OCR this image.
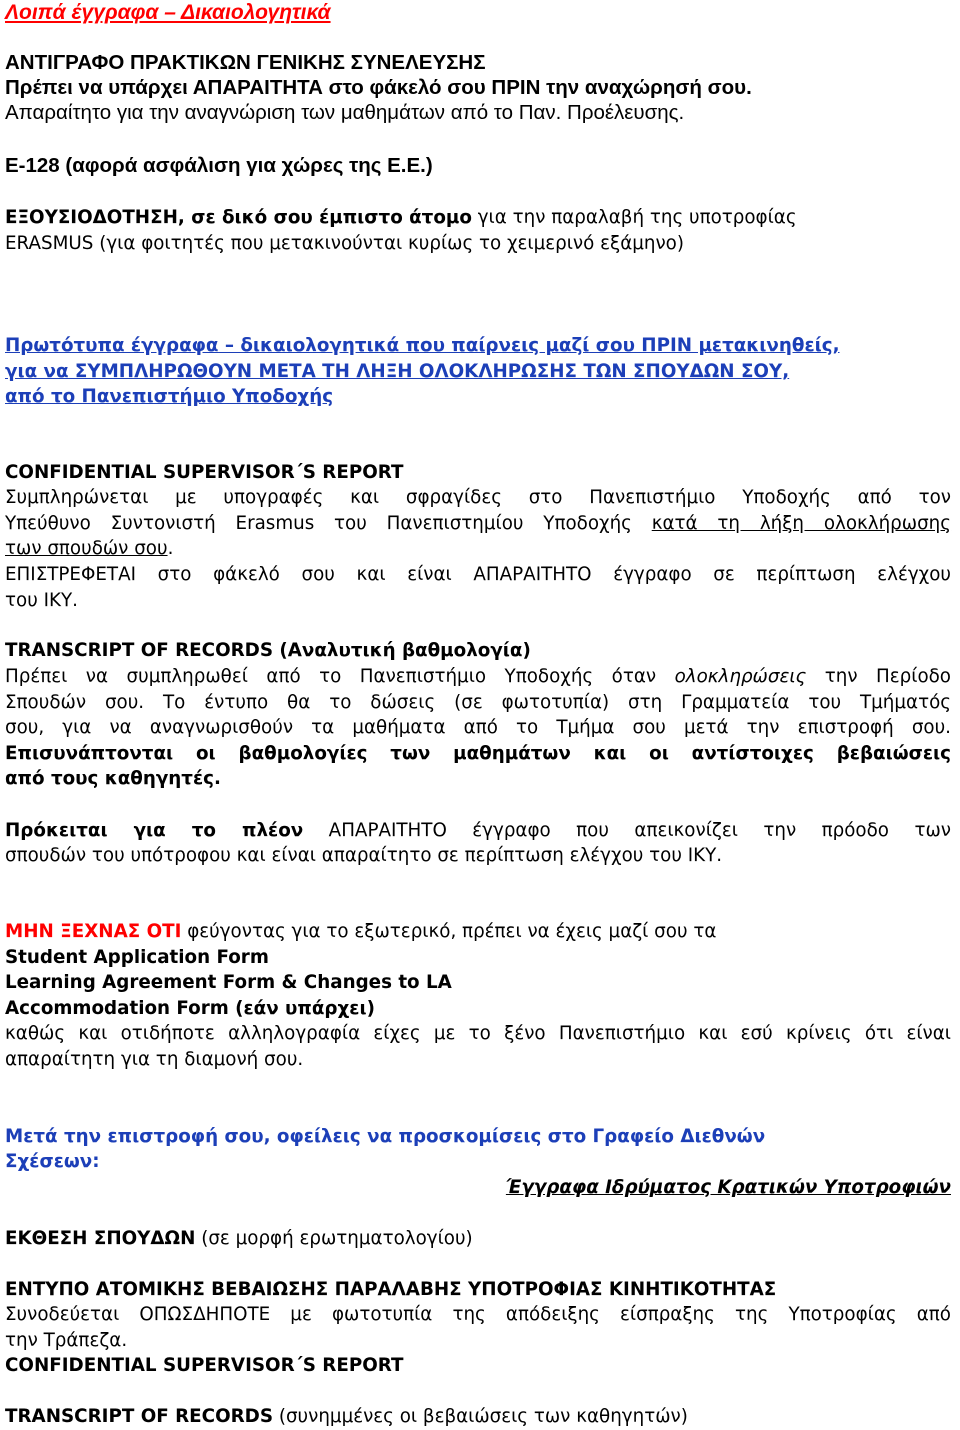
Λοιπά έγγραφα – Δικαιολογητικά
ΑΝΤΙΓΡΑΦΟ ΠΡΑΚΤΙΚΩΝ ΓΕΝΙΚΗΣ ΣΥΝΕΛΕΥΣΗΣ
Πρέπει να υπάρχει ΑΠΑΡΑΙΤΗΤΑ στο φάκελό σου ΠΡΙΝ την αναχώρησή σου.
Απαραίτητο για την αναγνώριση των μαθημάτων από το Παν. Προέλευσης.
Ε-128 (αφορά ασφάλιση για χώρες της Ε.Ε.)
ΕΞΟΥΣΙΟΔΟΤΗΣΗ, σε δικό σου έμπιστο άτομο για την παραλαβή της υποτροφίας
ERASMUS (για φοιτητές που μετακινούνται κυρίως το χειμερινό εξάμηνο)
Πρωτότυπα έγγραφα – δικαιολογητικά που παίρνεις μαζί σου ΠΡΙΝ μετακινηθείς,
για να ΣΥΜΠΛΗΡΩΘΟΥΝ ΜΕΤΑ ΤΗ ΛΗΞΗ ΟΛΟΚΛΗΡΩΣΗΣ ΤΩΝ ΣΠΟΥΔΩΝ ΣΟΥ,
από το Πανεπιστήμιο Υποδοχής
CONFIDENTIAL SUPERVISOR΄S REPORT
Συμπληρώνεται με υπογραφές και σφραγίδες στο Πανεπιστήμιο Υποδοχής από τον
Υπεύθυνο Συντονιστή Erasmus του Πανεπιστημίου Υποδοχής κατά τη λήξη ολοκλήρωσης
των σπουδών σου.
ΕΠΙΣΤΡΕΦΕΤΑΙ στο φάκελό σου και είναι ΑΠΑΡΑΙΤΗΤΟ έγγραφο σε περίπτωση ελέγχου
του ΙΚΥ.
TRANSCRIPT OF RECORDS (Αναλυτική βαθμολογία)
Πρέπει να συμπληρωθεί από το Πανεπιστήμιο Υποδοχής όταν ολοκληρώσεις την Περίοδο
Σπουδών σου. Το έντυπο θα το δώσεις (σε φωτοτυπία) στη Γραμματεία του Τμήματός
σου, για να αναγνωρισθούν τα μαθήματα από το Τμήμα σου μετά την επιστροφή σου.
Επισυνάπτονται οι βαθμολογίες των μαθημάτων και οι αντίστοιχες βεβαιώσεις
από τους καθηγητές.
Πρόκειται για το πλέον ΑΠΑΡΑΙΤΗΤΟ έγγραφο που απεικονίζει την πρόοδο των
σπουδών του υπότροφου και είναι απαραίτητο σε περίπτωση ελέγχου του ΙΚΥ.
ΜΗΝ ΞΕΧΝΑΣ ΟΤΙ φεύγοντας για το εξωτερικό, πρέπει να έχεις μαζί σου τα
Student Application Form
Learning Agreement Form & Changes to LA
Accommodation Form (εάν υπάρχει)
καθώς και οτιδήποτε αλληλογραφία είχες με το ξένο Πανεπιστήμιο και εσύ κρίνεις ότι είναι
απαραίτητη για τη διαμονή σου.
Μετά την επιστροφή σου, οφείλεις να προσκομίσεις στο Γραφείο Διεθνών
Σχέσεων:
Έγγραφα Ιδρύματος Κρατικών Υποτροφιών
ΕΚΘΕΣΗ ΣΠΟΥΔΩΝ (σε μορφή ερωτηματολογίου)
ΕΝΤΥΠΟ ΑΤΟΜΙΚΗΣ ΒΕΒΑΙΩΣΗΣ ΠΑΡΑΛΑΒΗΣ ΥΠΟΤΡΟΦΙΑΣ ΚΙΝΗΤΙΚΟΤΗΤΑΣ
Συνοδεύεται ΟΠΩΣΔΗΠΟΤΕ με φωτοτυπία της απόδειξης είσπραξης της Υποτροφίας από
την Τράπεζα.
CONFIDENTIAL SUPERVISOR΄S REPORT
TRANSCRIPT OF RECORDS (συνημμένες οι βεβαιώσεις των καθηγητών)
